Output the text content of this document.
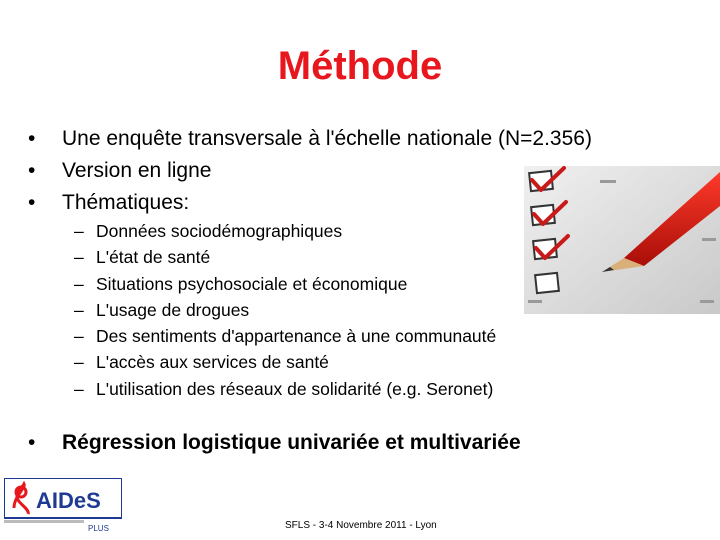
Méthode
•	Une enquête transversale à l'échelle nationale (N=2.356)
•	Version en ligne
•	Thématiques:
– Données sociodémographiques
– L'état de santé
– Situations psychosociale et économique
– L'usage de drogues
– Des sentiments d'appartenance à une communauté
– L'accès aux services de santé
– L'utilisation des réseaux de solidarité (e.g. Seronet)
•	Régression logistique univariée et multivariée
AIDeS
PLUS	SFLS - 3-4 Novembre 2011 - Lyon
